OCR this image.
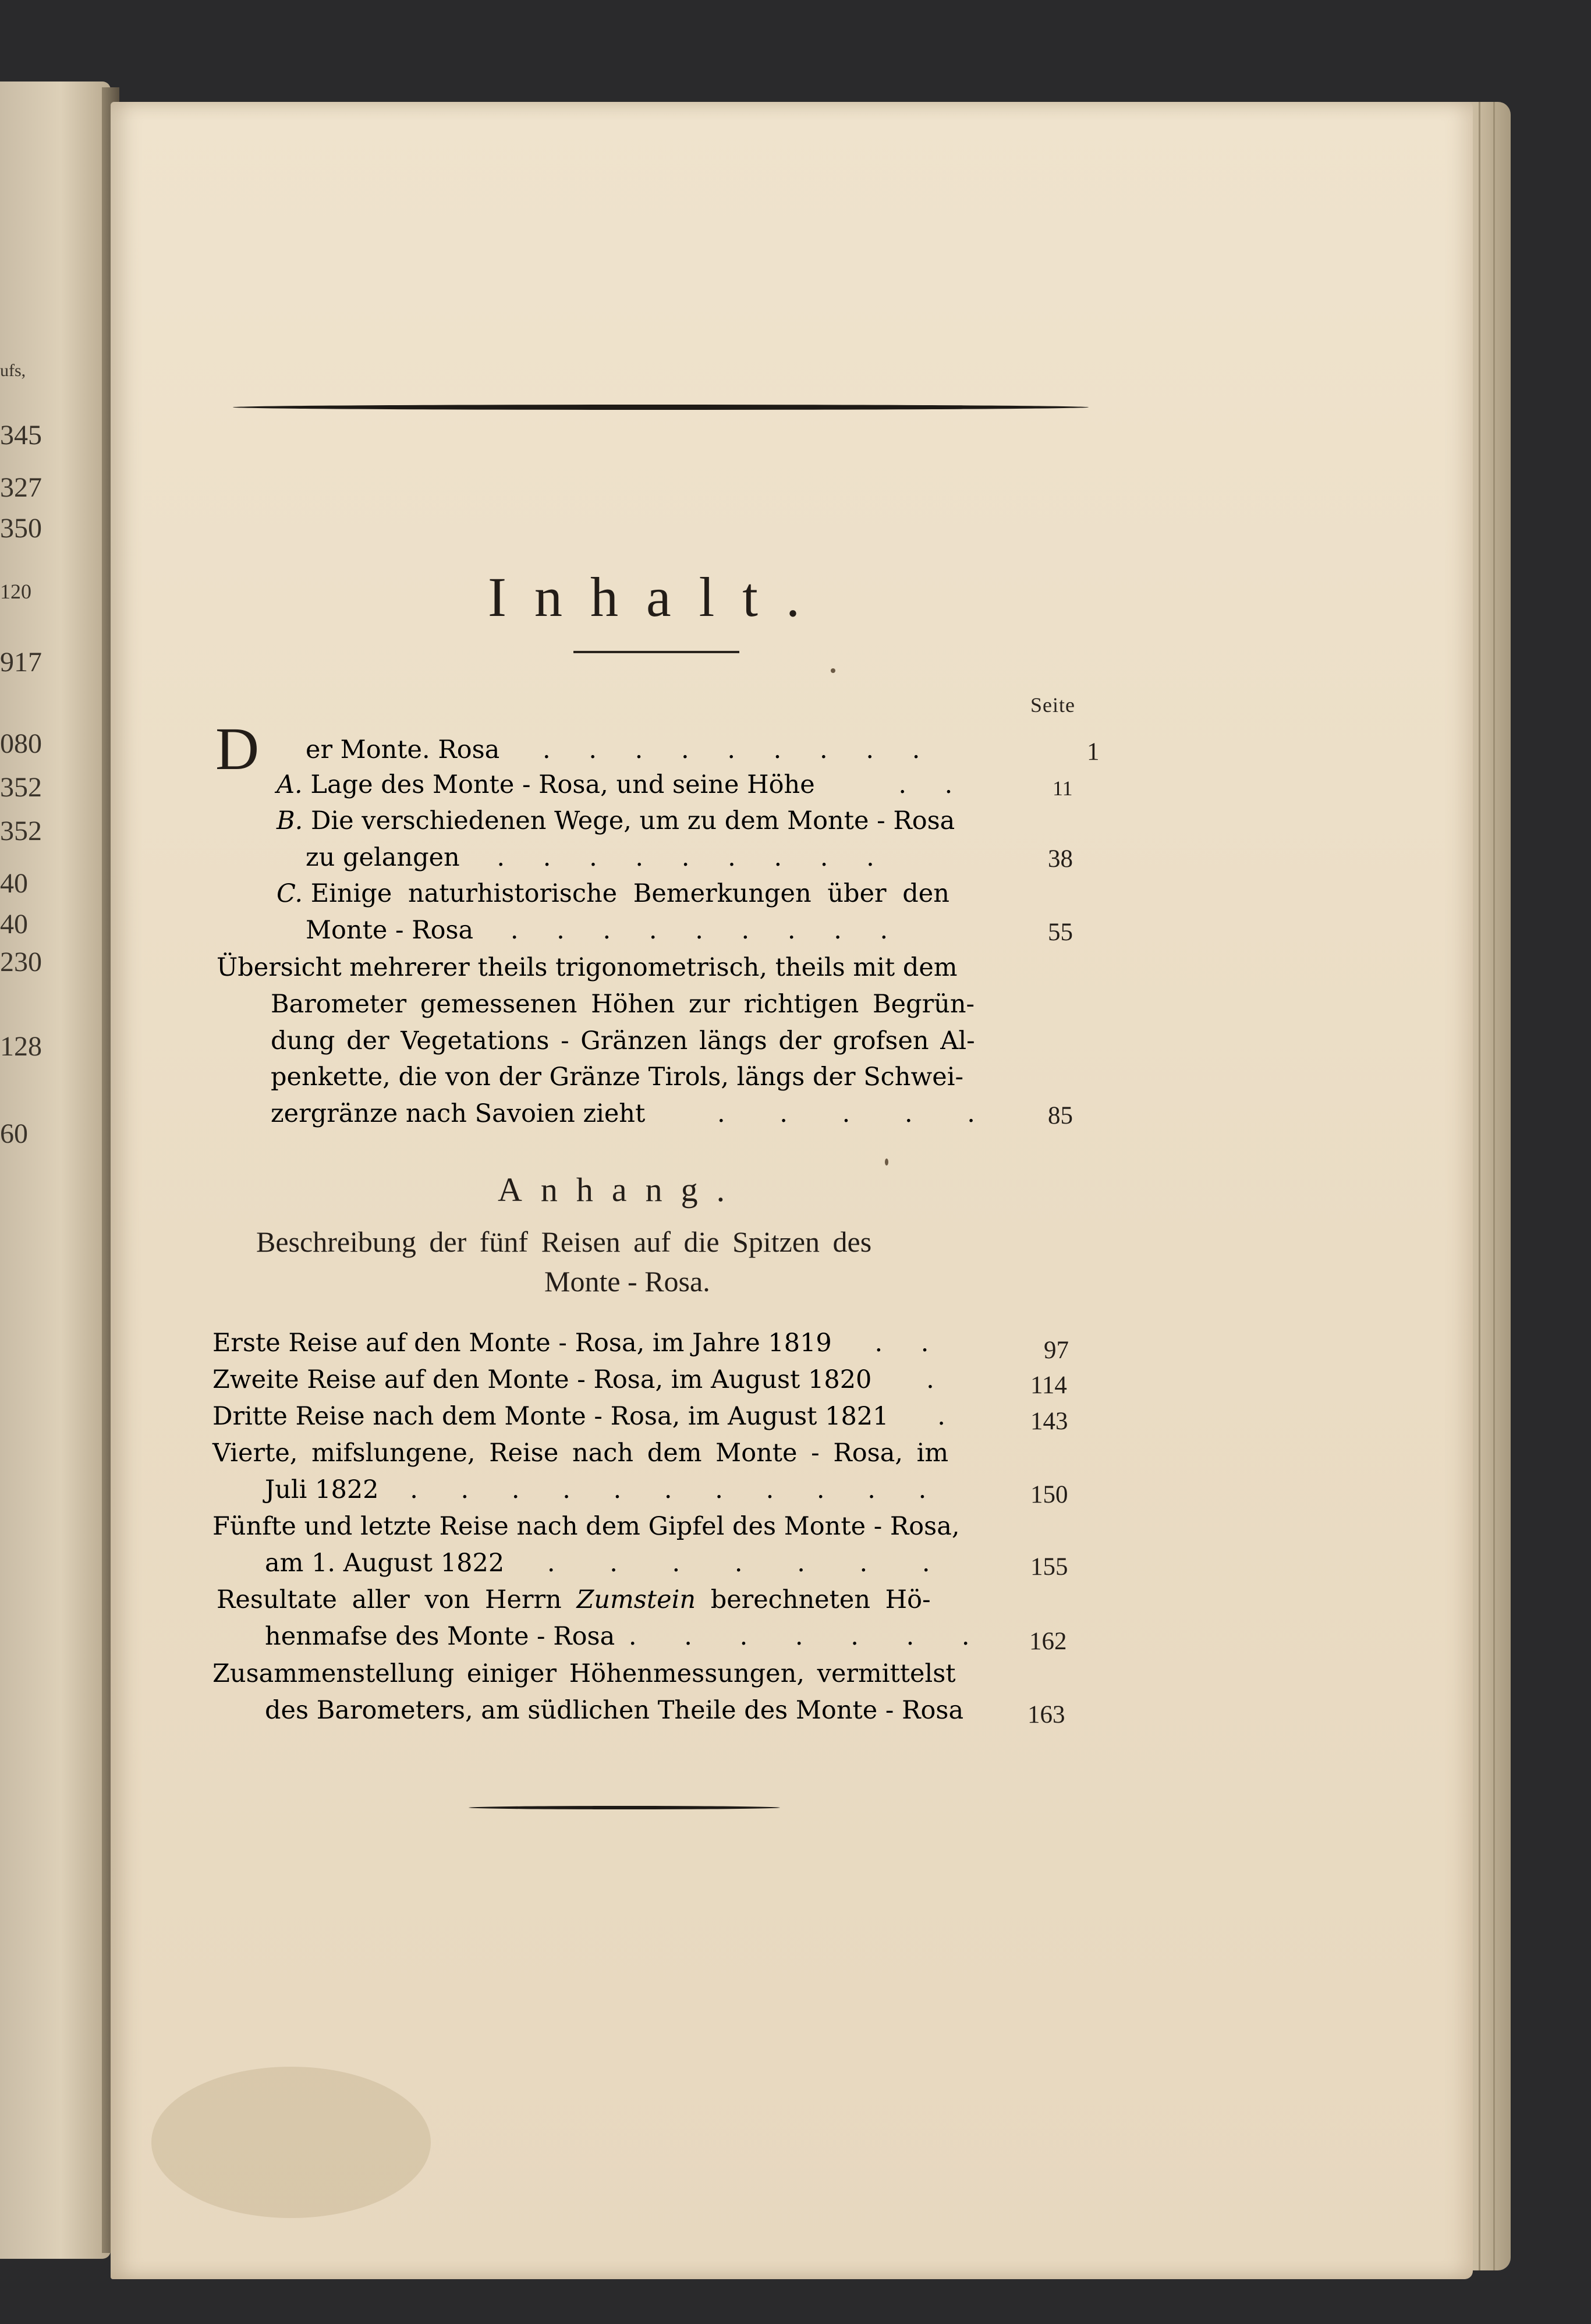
ufs,
345
327
350
120
917
080
352
352
40
40
230
128
60
Inhalt.
Seite
D er Monte. Rosa . . . . . . . . .	1
A. Lage des Monte - Rosa, und seine Höhe	. .	11
B. Die verschiedenen Wege, um zu dem Monte - Rosa
zu gelangen . . . . . . . . .	38
C. Einige naturhistorische Bemerkungen über den
Monte - Rosa . . . . . . . . .	55
Übersicht mehrerer theils trigonometrisch, theils mit dem
Barometer gemessenen Höhen zur richtigen Begrün-
dung der Vegetations - Gränzen längs der grofsen Al-
penkette, die von der Gränze Tirols, längs der Schwei-
zergränze nach Savoien zieht	. . . . . 85
Anhang.
Beschreibung der fünf Reisen auf die Spitzen des
Monte - Rosa.
Erste Reise auf den Monte - Rosa, im Jahre 1819 . .	97
Zweite Reise auf den Monte - Rosa, im August 1820 .	114
Dritte Reise nach dem Monte - Rosa, im August 1821 .	143
Vierte, mifslungene, Reise nach dem Monte - Rosa, im
Juli 1822 . . . . . . . . . . .	150
Fünfte und letzte Reise nach dem Gipfel des Monte - Rosa,
am 1. August 1822 . . . . . . .	155
Resultate aller von Herrn Zumstein berechneten Hö-
henmafse des Monte - Rosa . . . . . . . 162
Zusammenstellung einiger Höhenmessungen, vermittelst
des Barometers, am südlichen Theile des Monte - Rosa	163
